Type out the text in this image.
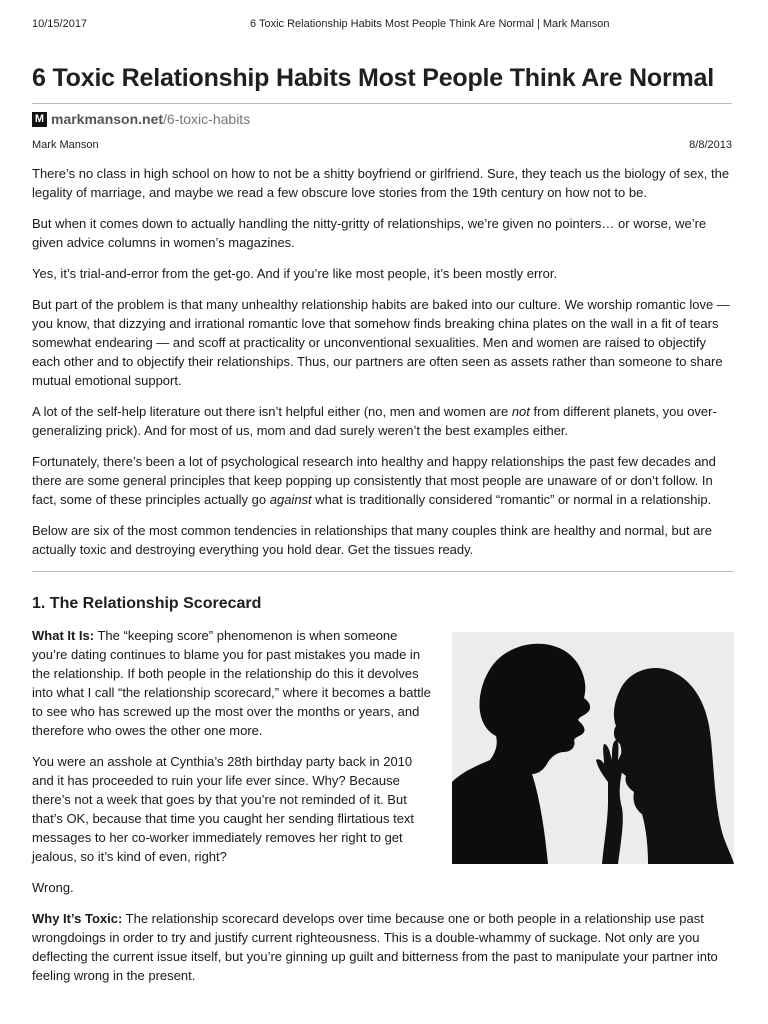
10/15/2017	6 Toxic Relationship Habits Most People Think Are Normal | Mark Manson
6 Toxic Relationship Habits Most People Think Are Normal
M markmanson.net /6-toxic-habits
Mark Manson	8/8/2013

There’s no class in high school on how to not be a shitty boyfriend or girlfriend. Sure, they teach us the biology of sex, the legality of marriage, and maybe we read a few obscure love stories from the 19th century on how not to be.

But when it comes down to actually handling the nitty-gritty of relationships, we’re given no pointers… or worse, we’re given advice columns in women’s magazines.

Yes, it’s trial-and-error from the get-go. And if you’re like most people, it’s been mostly error.

But part of the problem is that many unhealthy relationship habits are baked into our culture. We worship romantic love — you know, that dizzying and irrational romantic love that somehow finds breaking china plates on the wall in a fit of tears somewhat endearing — and scoff at practicality or unconventional sexualities. Men and women are raised to objectify each other and to objectify their relationships. Thus, our partners are often seen as assets rather than someone to share mutual emotional support.

A lot of the self-help literature out there isn’t helpful either (no, men and women are not from different planets, you over-generalizing prick). And for most of us, mom and dad surely weren’t the best examples either.

Fortunately, there’s been a lot of psychological research into healthy and happy relationships the past few decades and there are some general principles that keep popping up consistently that most people are unaware of or don’t follow. In fact, some of these principles actually go against what is traditionally considered “romantic” or normal in a relationship.

Below are six of the most common tendencies in relationships that many couples think are healthy and normal, but are actually toxic and destroying everything you hold dear. Get the tissues ready.

1. The Relationship Scorecard

What It Is: The “keeping score” phenomenon is when someone you’re dating continues to blame you for past mistakes you made in the relationship. If both people in the relationship do this it devolves into what I call “the relationship scorecard,” where it becomes a battle to see who has screwed up the most over the months or years, and therefore who owes the other one more.

You were an asshole at Cynthia’s 28th birthday party back in 2010 and it has proceeded to ruin your life ever since. Why? Because there’s not a week that goes by that you’re not reminded of it. But that’s OK, because that time you caught her sending flirtatious text messages to her co-worker immediately removes her right to get jealous, so it’s kind of even, right?

Wrong.

Why It’s Toxic: The relationship scorecard develops over time because one or both people in a relationship use past wrongdoings in order to try and justify current righteousness. This is a double-whammy of suckage. Not only are you deflecting the current issue itself, but you’re ginning up guilt and bitterness from the past to manipulate your partner into feeling wrong in the present.
